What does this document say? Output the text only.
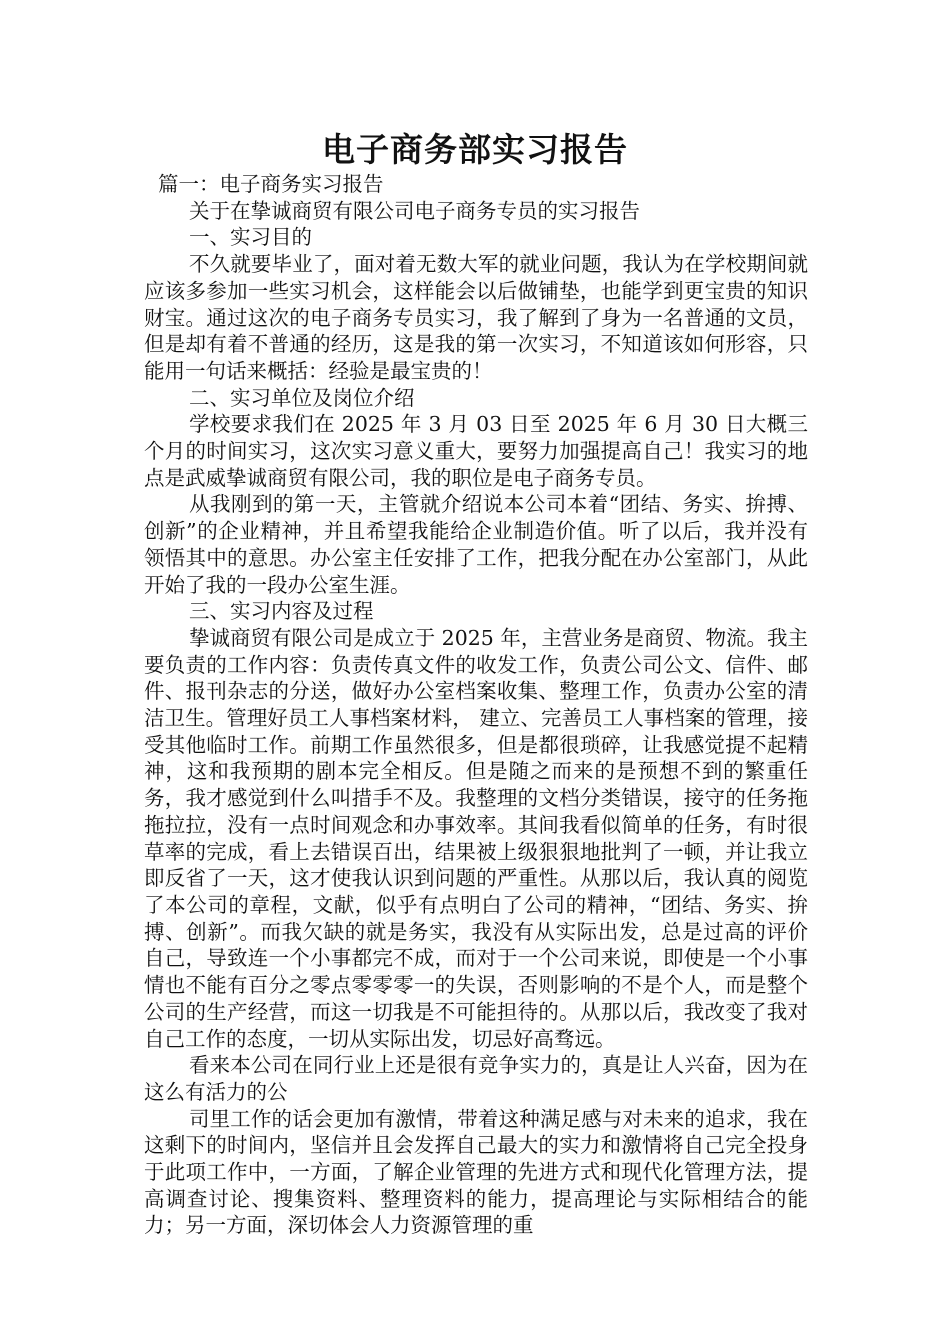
电子商务部实习报告

篇一：电子商务实习报告

关于在挚诚商贸有限公司电子商务专员的实习报告

一、实习目的

不久就要毕业了，面对着无数大军的就业问题，我认为在学校期间就应该多参加一些实习机会，这样能会以后做铺垫，也能学到更宝贵的知识财宝。通过这次的电子商务专员实习，我了解到了身为一名普通的文员，但是却有着不普通的经历，这是我的第一次实习，不知道该如何形容，只能用一句话来概括：经验是最宝贵的！

二、实习单位及岗位介绍

学校要求我们在 2025 年 3 月 03 日至 2025 年 6 月 30 日大概三个月的时间实习，这次实习意义重大，要努力加强提高自己！我实习的地点是武威挚诚商贸有限公司，我的职位是电子商务专员。

从我刚到的第一天，主管就介绍说本公司本着“团结、务实、拚搏、创新”的企业精神，并且希望我能给企业制造价值。听了以后，我并没有领悟其中的意思。办公室主任安排了工作，把我分配在办公室部门，从此开始了我的一段办公室生涯。

三、实习内容及过程

挚诚商贸有限公司是成立于 2025 年，主营业务是商贸、物流。我主要负责的工作内容：负责传真文件的收发工作，负责公司公文、信件、邮件、报刊杂志的分送，做好办公室档案收集、整理工作，负责办公室的清洁卫生。管理好员工人事档案材料， 建立、完善员工人事档案的管理，接受其他临时工作。前期工作虽然很多，但是都很琐碎，让我感觉提不起精神，这和我预期的剧本完全相反。但是随之而来的是预想不到的繁重任务，我才感觉到什么叫措手不及。我整理的文档分类错误，接守的任务拖拖拉拉，没有一点时间观念和办事效率。其间我看似简单的任务，有时很草率的完成，看上去错误百出，结果被上级狠狠地批判了一顿，并让我立即反省了一天，这才使我认识到问题的严重性。从那以后，我认真的阅览了本公司的章程，文献，似乎有点明白了公司的精神，“团结、务实、拚搏、创新”。而我欠缺的就是务实，我没有从实际出发，总是过高的评价自己，导致连一个小事都完不成，而对于一个公司来说，即使是一个小事情也不能有百分之零点零零零一的失误，否则影响的不是个人，而是整个公司的生产经营，而这一切我是不可能担待的。从那以后，我改变了我对自己工作的态度，一切从实际出发，切忌好高骛远。

看来本公司在同行业上还是很有竞争实力的，真是让人兴奋，因为在这么有活力的公

司里工作的话会更加有激情，带着这种满足感与对未来的追求，我在这剩下的时间内，坚信并且会发挥自己最大的实力和激情将自己完全投身于此项工作中，一方面，了解企业管理的先进方式和现代化管理方法，提高调查讨论、搜集资料、整理资料的能力，提高理论与实际相结合的能力；另一方面，深切体会人力资源管理的重
